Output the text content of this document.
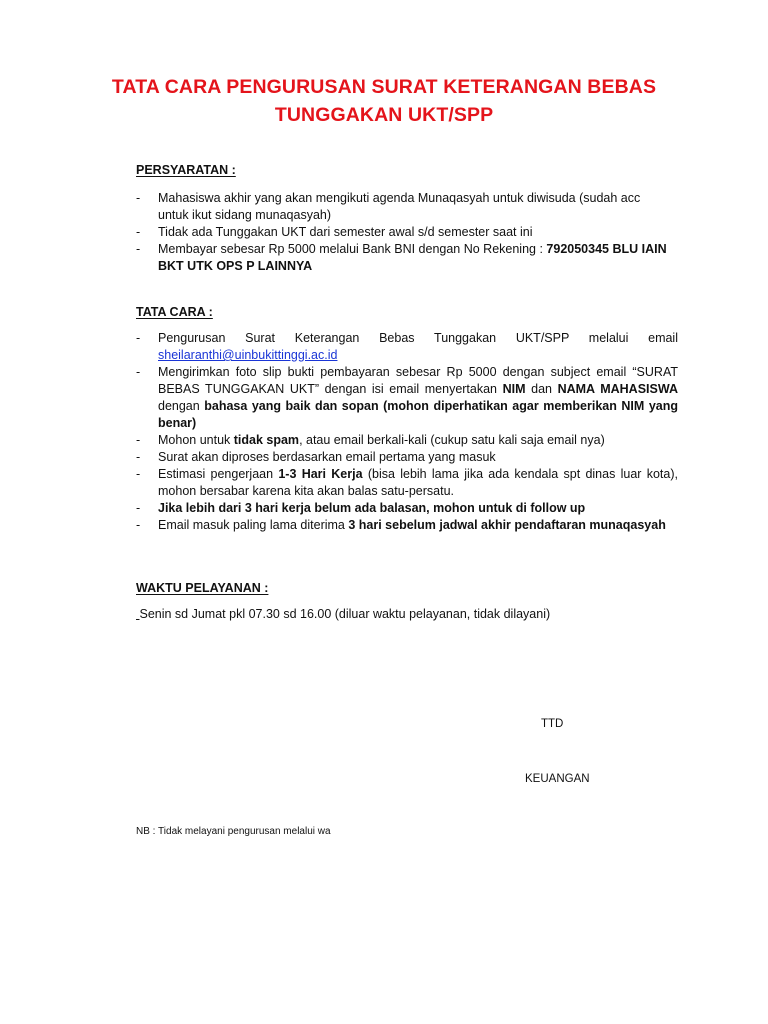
TATA CARA PENGURUSAN SURAT KETERANGAN BEBAS
TUNGGAKAN UKT/SPP
PERSYARATAN :
- Mahasiswa akhir yang akan mengikuti agenda Munaqasyah untuk diwisuda (sudah acc untuk ikut sidang munaqasyah)
- Tidak ada Tunggakan UKT dari semester awal s/d semester saat ini
- Membayar sebesar Rp 5000 melalui Bank BNI dengan No Rekening : 792050345 BLU IAIN BKT UTK OPS P LAINNYA
TATA CARA :
- Pengurusan Surat Keterangan Bebas Tunggakan UKT/SPP melalui email sheilaranthi@uinbukittinggi.ac.id
- Mengirimkan foto slip bukti pembayaran sebesar Rp 5000 dengan subject email “SURAT BEBAS TUNGGAKAN UKT” dengan isi email menyertakan NIM dan NAMA MAHASISWA dengan bahasa yang baik dan sopan (mohon diperhatikan agar memberikan NIM yang benar)
- Mohon untuk tidak spam, atau email berkali-kali (cukup satu kali saja email nya)
- Surat akan diproses berdasarkan email pertama yang masuk
- Estimasi pengerjaan 1-3 Hari Kerja (bisa lebih lama jika ada kendala spt dinas luar kota), mohon bersabar karena kita akan balas satu-persatu.
- Jika lebih dari 3 hari kerja belum ada balasan, mohon untuk di follow up
- Email masuk paling lama diterima 3 hari sebelum jadwal akhir pendaftaran munaqasyah
WAKTU PELAYANAN :
Senin sd Jumat pkl 07.30 sd 16.00 (diluar waktu pelayanan, tidak dilayani)
TTD
KEUANGAN
NB : Tidak melayani pengurusan melalui wa
